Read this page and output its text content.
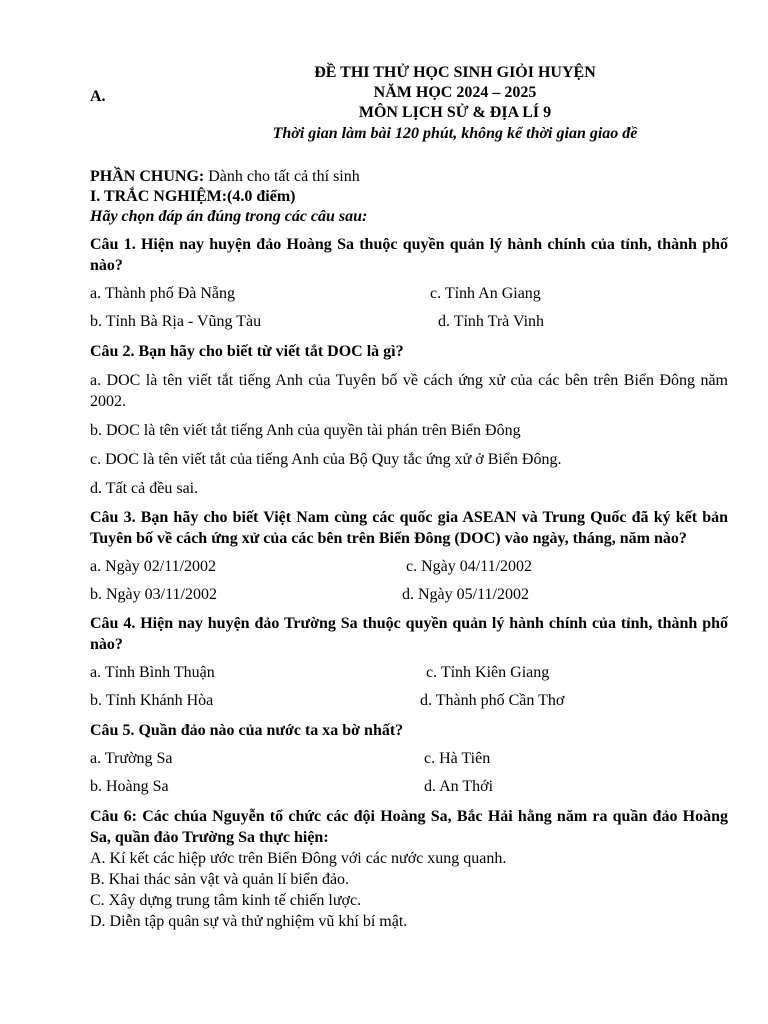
A.
ĐỀ THI THỬ HỌC SINH GIỎI HUYỆN
NĂM HỌC 2024 – 2025
MÔN LỊCH SỬ & ĐỊA LÍ 9
Thời gian làm bài 120 phút, không kể thời gian giao đề
PHẦN CHUNG: Dành cho tất cả thí sinh
I. TRẮC NGHIỆM:(4.0 điểm)
Hãy chọn đáp án đúng trong các câu sau:
Câu 1. Hiện nay huyện đảo Hoàng Sa thuộc quyền quản lý hành chính của tỉnh, thành phố nào?
a. Thành phố Đà Nẵng	c. Tỉnh An Giang
b. Tỉnh Bà Rịa - Vũng Tàu	d. Tỉnh Trà Vinh
Câu 2. Bạn hãy cho biết từ viết tắt DOC là gì?
a. DOC là tên viết tắt tiếng Anh của Tuyên bố về cách ứng xử của các bên trên Biển Đông năm 2002.
b. DOC là tên viết tắt tiếng Anh của quyền tài phán trên Biển Đông
c. DOC là tên viết tắt của tiếng Anh của Bộ Quy tắc ứng xử ở Biển Đông.
d. Tất cả đều sai.
Câu 3. Bạn hãy cho biết Việt Nam cùng các quốc gia ASEAN và Trung Quốc đã ký kết bản Tuyên bố về cách ứng xử của các bên trên Biển Đông (DOC) vào ngày, tháng, năm nào?
a. Ngày 02/11/2002	c. Ngày 04/11/2002
b. Ngày 03/11/2002	d. Ngày 05/11/2002
Câu 4. Hiện nay huyện đảo Trường Sa thuộc quyền quản lý hành chính của tỉnh, thành phố nào?
a. Tỉnh Bình Thuận	c. Tỉnh Kiên Giang
b. Tỉnh Khánh Hòa	d. Thành phố Cần Thơ
Câu 5. Quần đảo nào của nước ta xa bờ nhất?
a. Trường Sa	c. Hà Tiên
b. Hoàng Sa	d. An Thới
Câu 6: Các chúa Nguyễn tổ chức các đội Hoàng Sa, Bắc Hải hằng năm ra quần đảo Hoàng Sa, quần đảo Trường Sa thực hiện:
A. Kí kết các hiệp ước trên Biển Đông với các nước xung quanh.
B. Khai thác sản vật và quản lí biển đảo.
C. Xây dựng trung tâm kinh tế chiến lược.
D. Diễn tập quân sự và thử nghiệm vũ khí bí mật.
